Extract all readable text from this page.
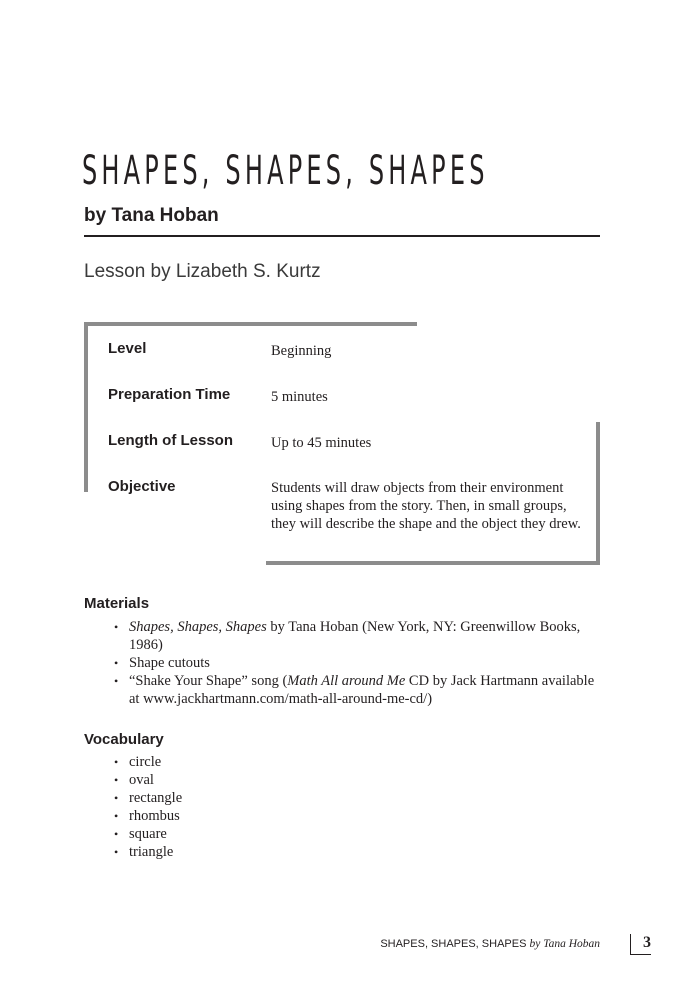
SHAPES, SHAPES, SHAPES
by Tana Hoban
Lesson by Lizabeth S. Kurtz
Level	Beginning
Preparation Time	5 minutes
Length of Lesson	Up to 45 minutes
Objective	Students will draw objects from their environment using shapes from the story. Then, in small groups, they will describe the shape and the object they drew.
Materials
• Shapes, Shapes, Shapes by Tana Hoban (New York, NY: Greenwillow Books, 1986)
• Shape cutouts
• “Shake Your Shape” song (Math All around Me CD by Jack Hartmann available at www.jackhartmann.com/math-all-around-me-cd/)
Vocabulary
• circle
• oval
• rectangle
• rhombus
• square
• triangle
SHAPES, SHAPES, SHAPES by Tana Hoban	3
